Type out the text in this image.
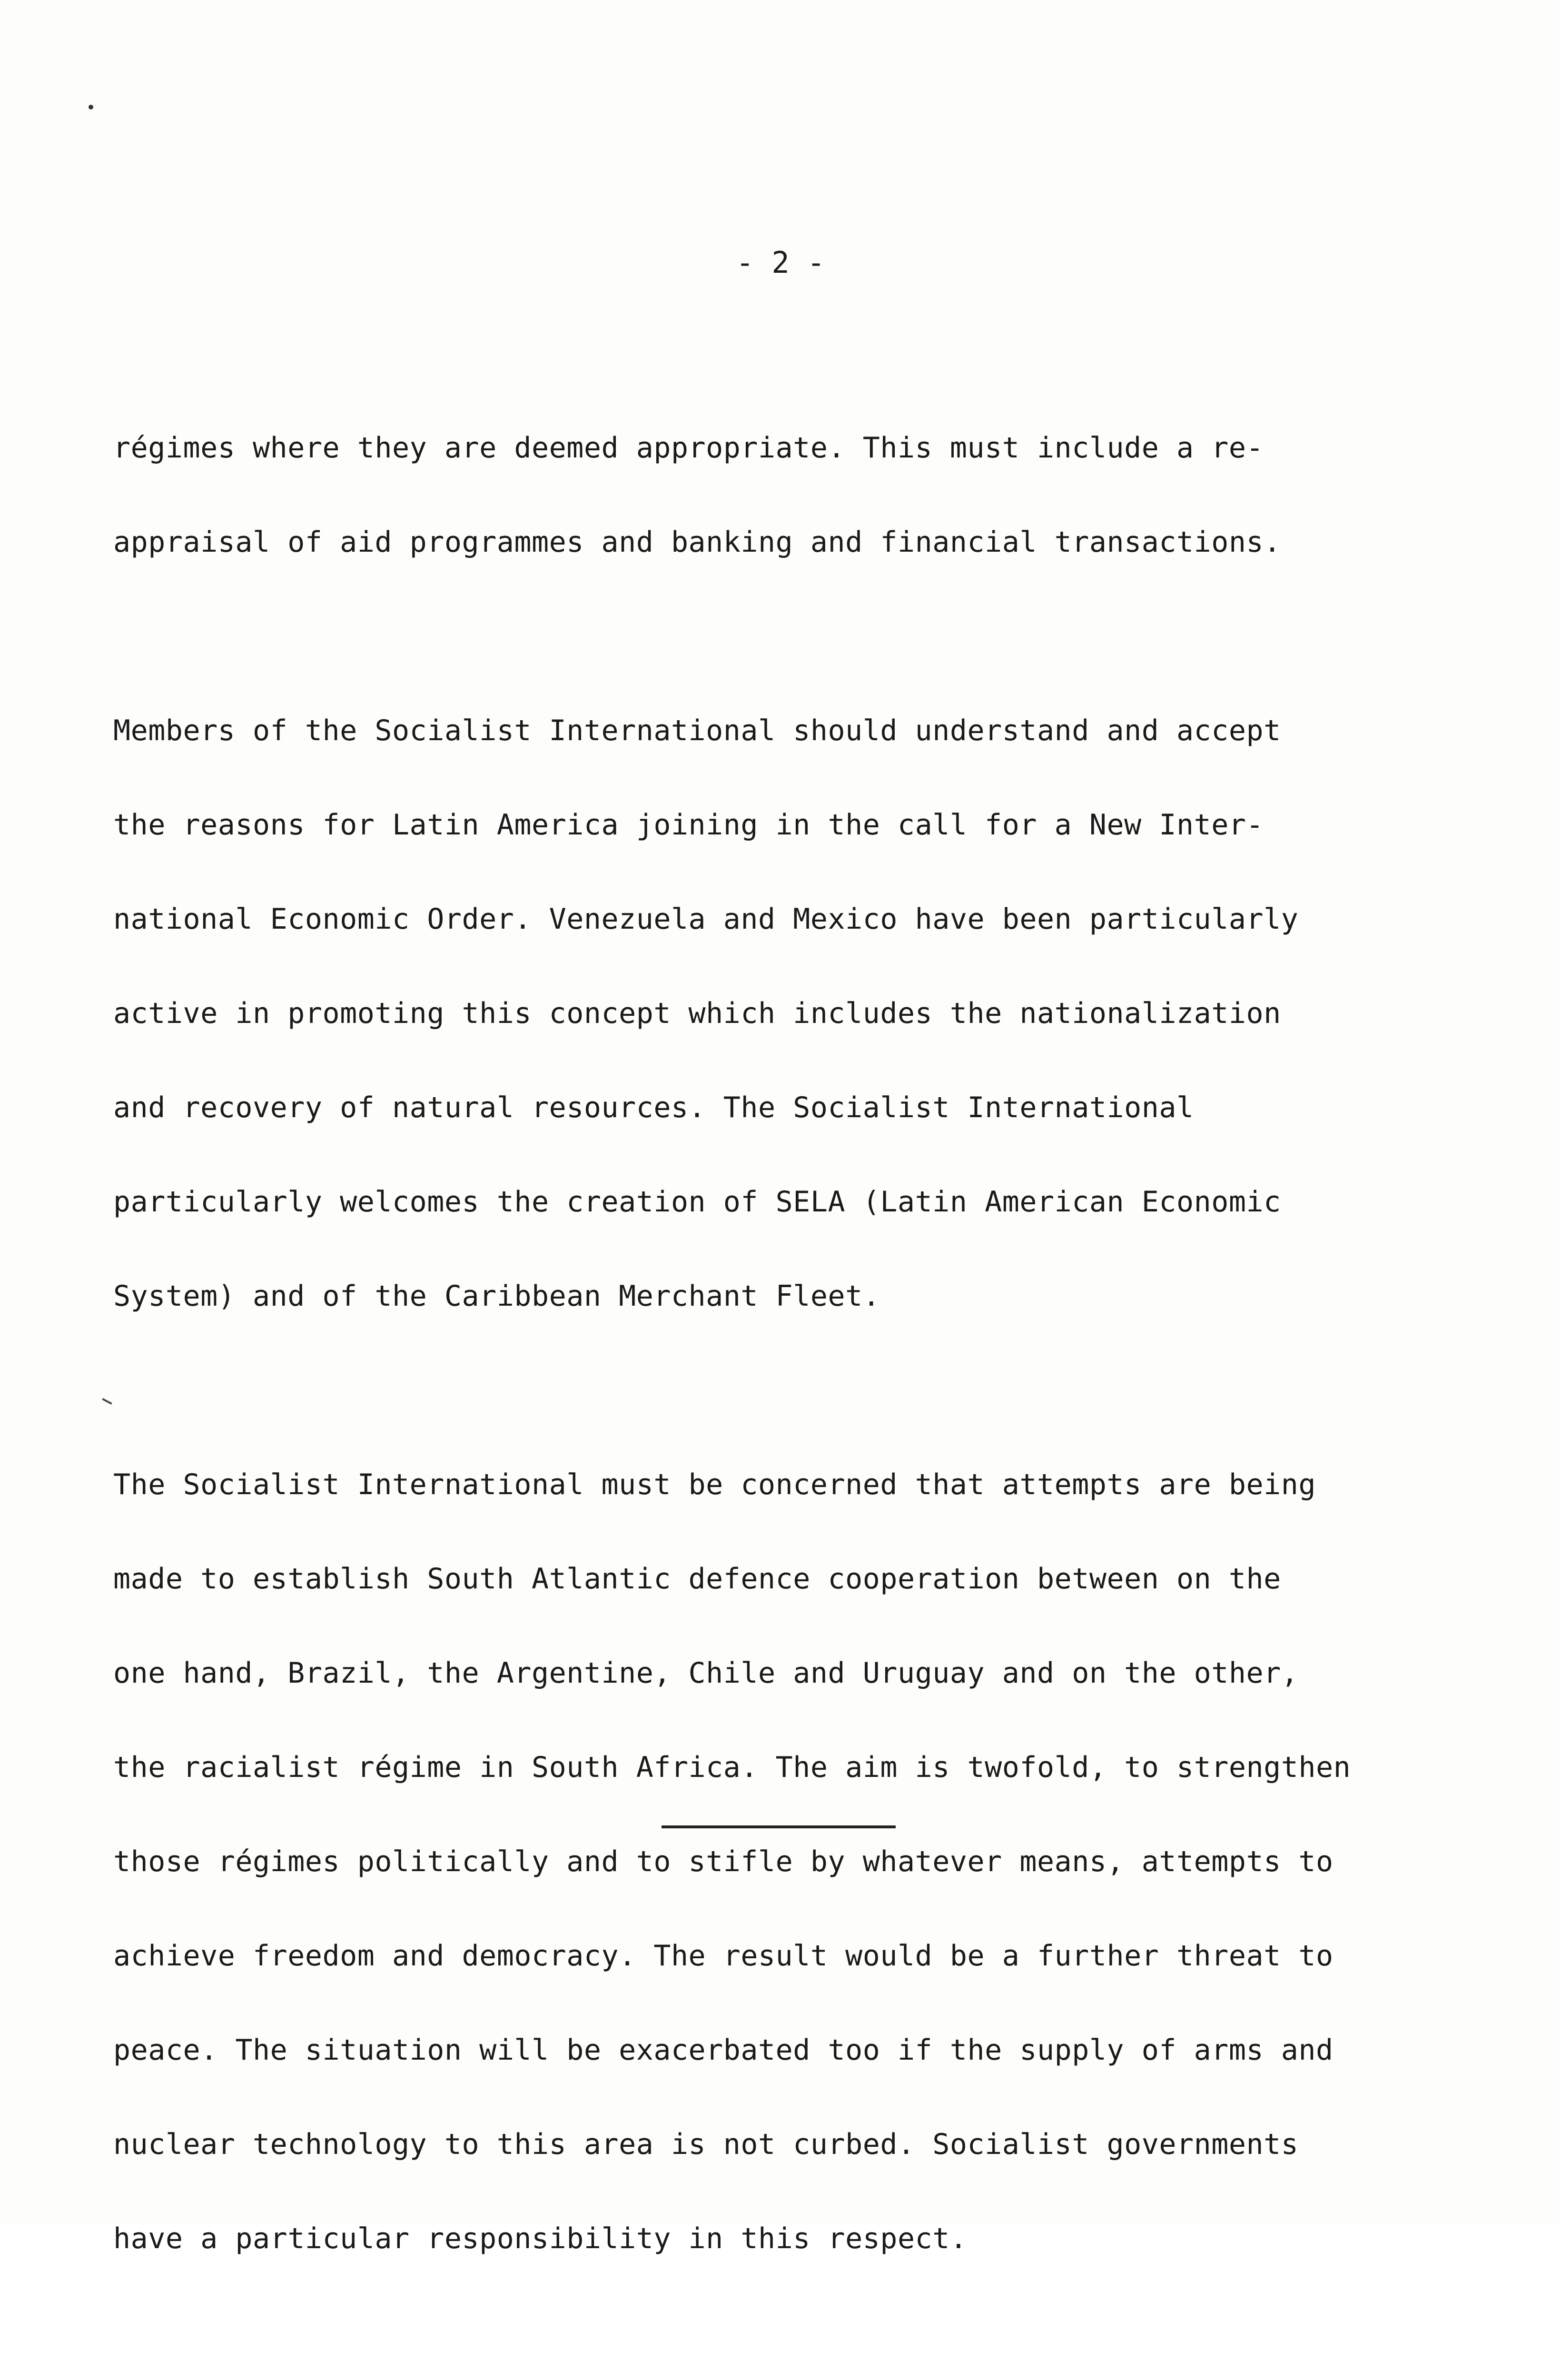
- 2 -

régimes where they are deemed appropriate. This must include a re-

appraisal of aid programmes and banking and financial transactions.

Members of the Socialist International should understand and accept

the reasons for Latin America joining in the call for a New Inter-

national Economic Order. Venezuela and Mexico have been particularly

active in promoting this concept which includes the nationalization

and recovery of natural resources. The Socialist International

particularly welcomes the creation of SELA (Latin American Economic

System) and of the Caribbean Merchant Fleet.

The Socialist International must be concerned that attempts are being

made to establish South Atlantic defence cooperation between on the

one hand, Brazil, the Argentine, Chile and Uruguay and on the other,

the racialist régime in South Africa. The aim is twofold, to strengthen

those régimes politically and to stifle by whatever means, attempts to

achieve freedom and democracy. The result would be a further threat to

peace. The situation will be exacerbated too if the supply of arms and

nuclear technology to this area is not curbed. Socialist governments

have a particular responsibility in this respect.
